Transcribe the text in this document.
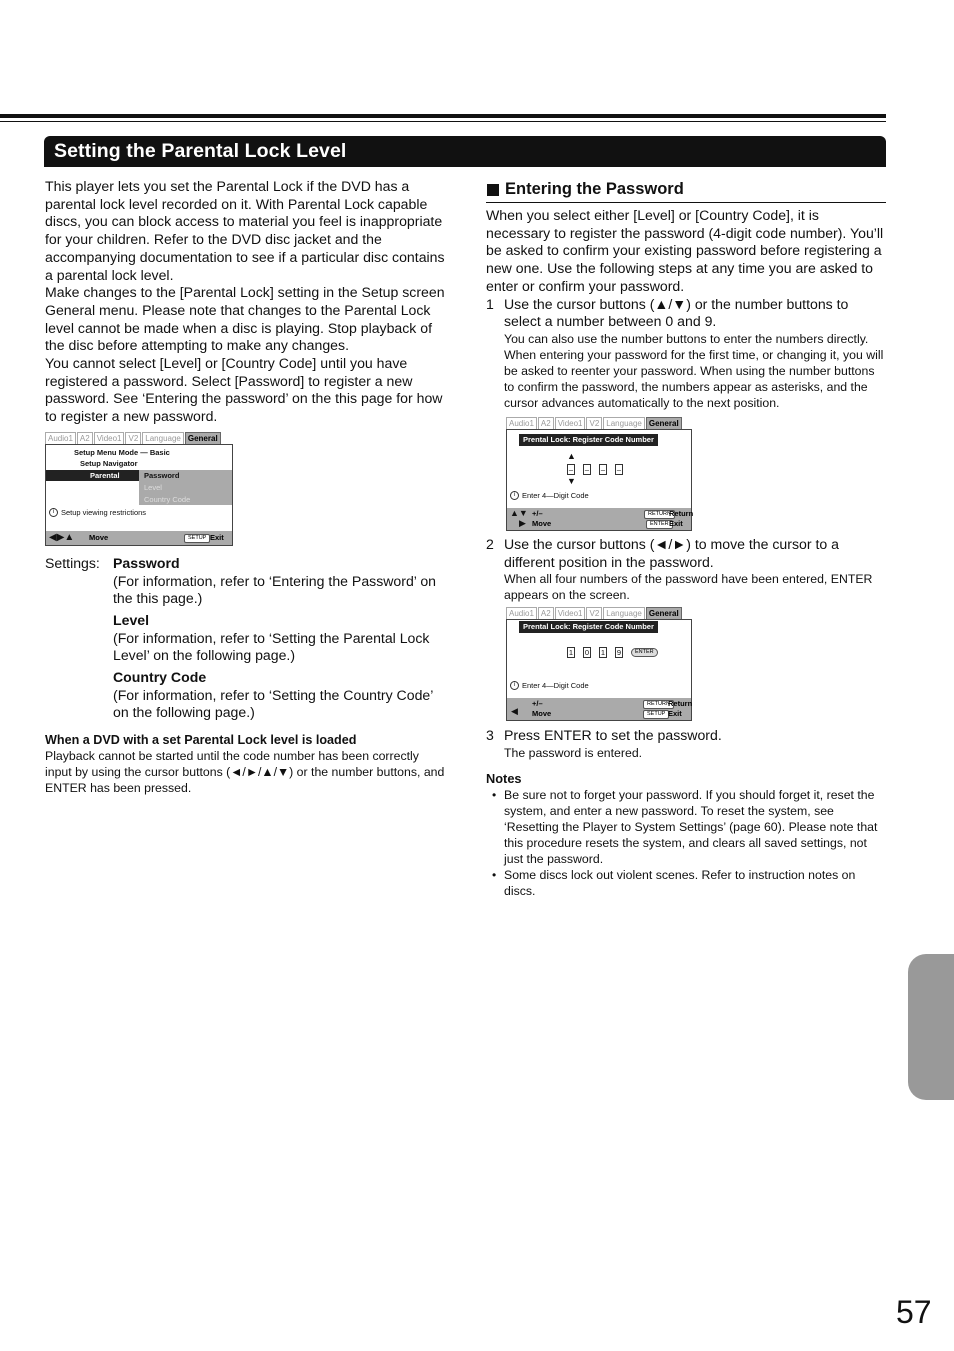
Setting the Parental Lock Level

This player lets you set the Parental Lock if the DVD has a parental lock level recorded on it. With Parental Lock capable discs, you can block access to material you feel is inappropriate for your children. Refer to the DVD disc jacket and the accompanying documentation to see if a particular disc contains a parental lock level.

Make changes to the [Parental Lock] setting in the Setup screen General menu. Please note that changes to the Parental Lock level cannot be made when a disc is playing. Stop playback of the disc before attempting to make any changes.

You cannot select [Level] or [Country Code] until you have registered a password. Select [Password] to register a new password. See ‘Entering the password’ on the this page for how to register a new password.

Audio1 A2 Video1 V2 Language General
Setup Menu Mode — Basic
Setup Navigator
Parental Lock
Password
Level
Country Code
i Setup viewing restrictions
◀▶▲ Move	SETUP Exit
Settings: Password
(For information, refer to ‘Entering the Password’ on the this page.)
Level
(For information, refer to ‘Setting the Parental Lock Level’ on the following page.)
Country Code
(For information, refer to ‘Setting the Country Code’ on the following page.)
When a DVD with a set Parental Lock level is loaded
Playback cannot be started until the code number has been correctly input by using the cursor buttons (◄/►/▲/▼) or the number buttons, and ENTER has been pressed.
Entering the Password

When you select either [Level] or [Country Code], it is necessary to register the password (4-digit code number). You’ll be asked to confirm your existing password before registering a new one. Use the following steps at any time you are asked to enter or confirm your password.

1 Use the cursor buttons (▲/▼) or the number buttons to select a number between 0 and 9.
You can also use the number buttons to enter the numbers directly. When entering your password for the first time, or changing it, you will be asked to reenter your password. When using the number buttons to confirm the password, the numbers appear as asterisks, and the cursor advances automatically to the next position.
Audio1 A2 Video1 V2 Language General
Prental Lock: Register Code Number
▲
– – – –
▼
i Enter 4—Digit Code
▲▼
▶
+/–
Move
RETURN
Return
ENTER Exit
2 Use the cursor buttons (◄/►) to move the cursor to a different position in the password.
When all four numbers of the password have been entered, ENTER appears on the screen.
Audio1 A2 Video1 V2 Language General
Prental Lock: Register Code Number
1 0 1 9	ENTER
i Enter 4—Digit Code
◀
+/–
Move
RETURN
Return
SETUP Exit
3 Press ENTER to set the password.
The password is entered.
Notes
• Be sure not to forget your password. If you should forget it, reset the system, and enter a new password. To reset the system, see ‘Resetting the Player to System Settings’ (page 60). Please note that this procedure resets the system, and clears all saved settings, not just the password.
• Some discs lock out violent scenes. Refer to instruction notes on discs.
57
